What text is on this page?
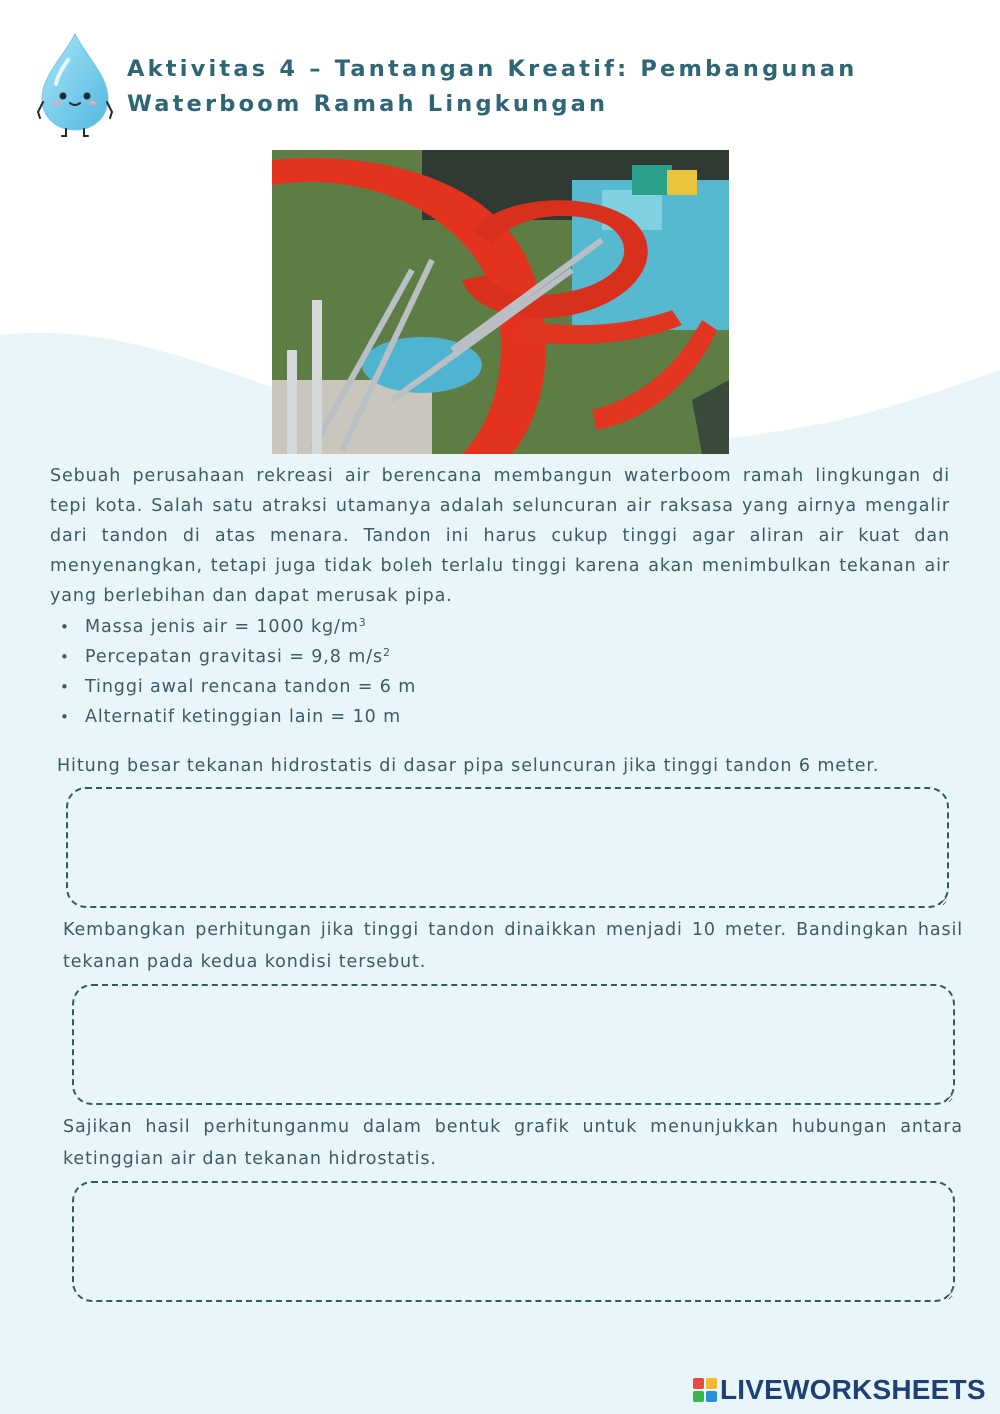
Aktivitas 4 – Tantangan Kreatif: Pembangunan
Waterboom Ramah Lingkungan

Sebuah perusahaan rekreasi air berencana membangun waterboom ramah lingkungan di tepi kota. Salah satu atraksi utamanya adalah seluncuran air raksasa yang airnya mengalir dari tandon di atas menara. Tandon ini harus cukup tinggi agar aliran air kuat dan menyenangkan, tetapi juga tidak boleh terlalu tinggi karena akan menimbulkan tekanan air yang berlebihan dan dapat merusak pipa.

• Massa jenis air = 1000 $kg/m^3$
• Percepatan gravitasi = 9,8 $m/s^2$
• Tinggi awal rencana tandon = 6 m
• Alternatif ketinggian lain = 10 m

Hitung besar tekanan hidrostatis di dasar pipa seluncuran jika tinggi tandon 6 meter.

Kembangkan perhitungan jika tinggi tandon dinaikkan menjadi 10 meter. Bandingkan hasil tekanan pada kedua kondisi tersebut.

Sajikan hasil perhitunganmu dalam bentuk grafik untuk menunjukkan hubungan antara ketinggian air dan tekanan hidrostatis.

LIVEWORKSHEETS
